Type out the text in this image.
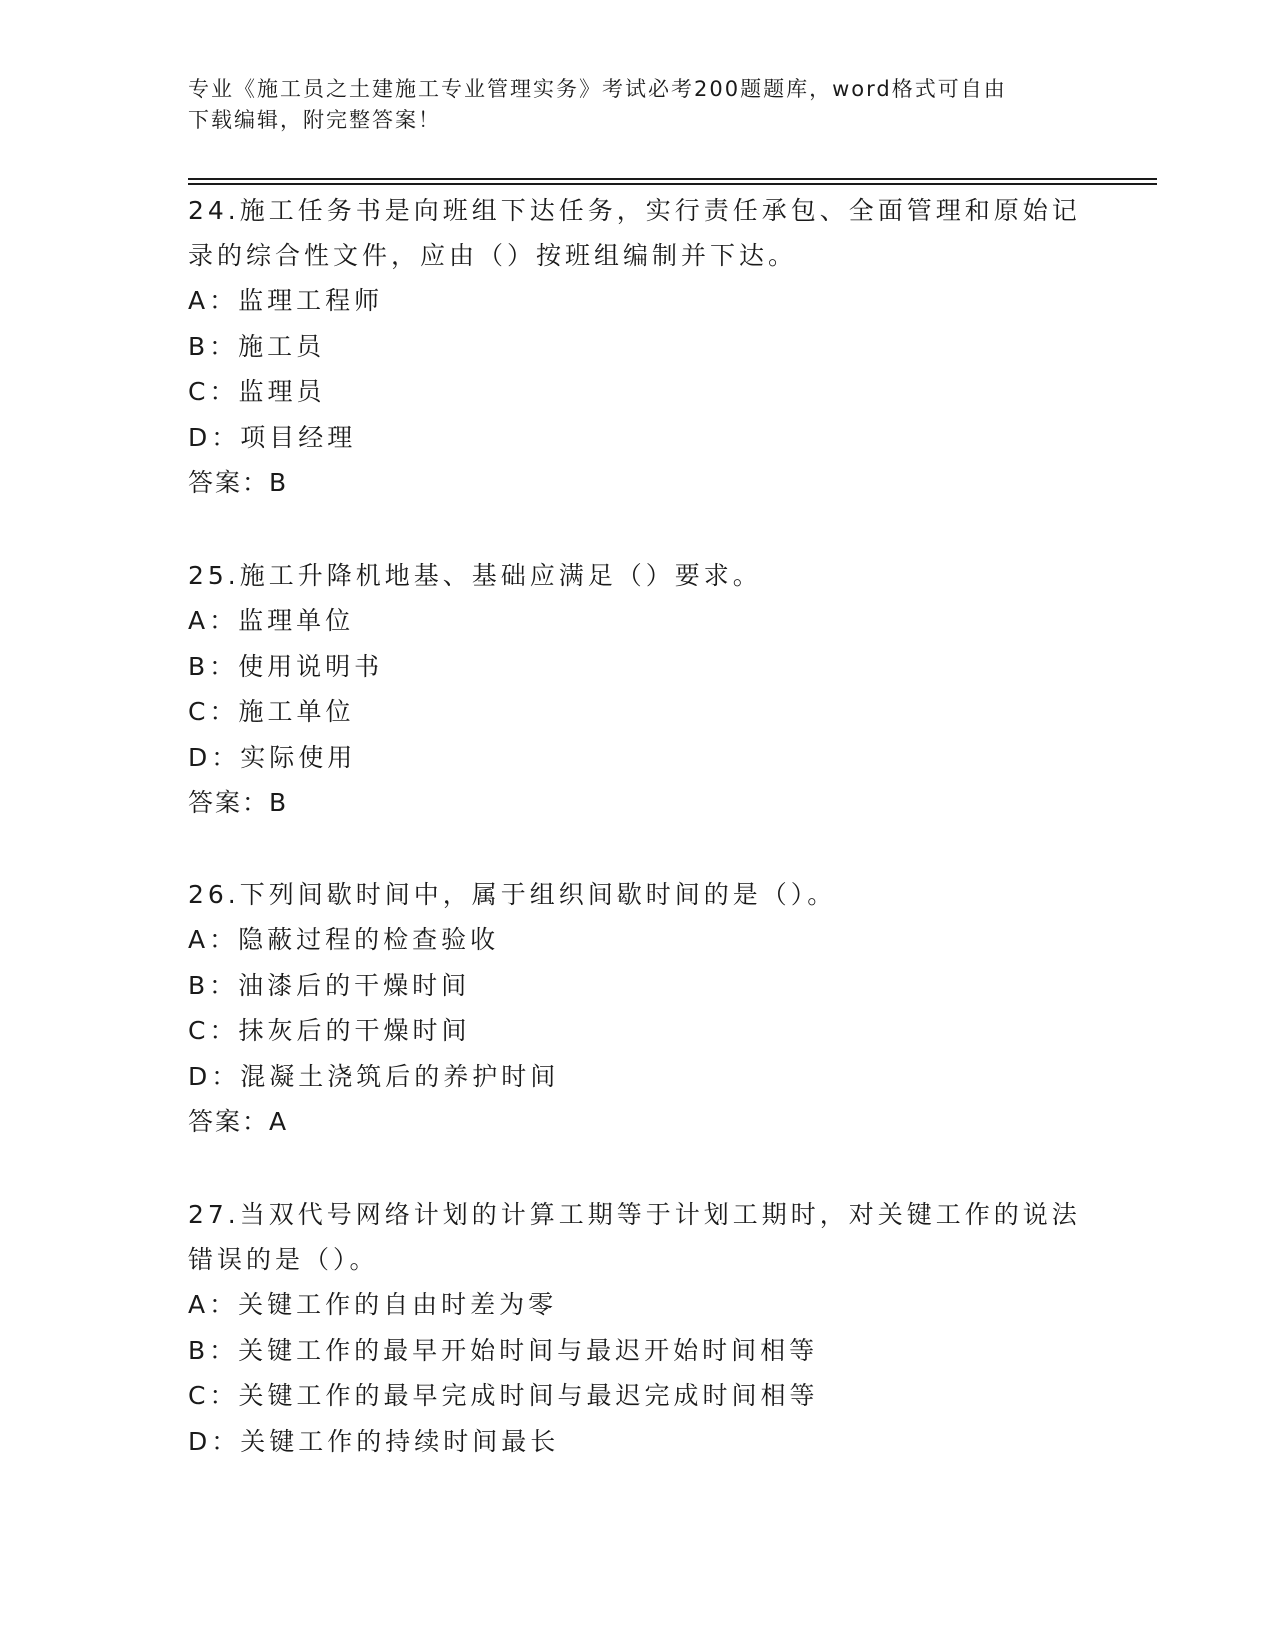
专业《施工员之土建施工专业管理实务》考试必考200题题库，word格式可自由
下载编辑，附完整答案！

24.施工任务书是向班组下达任务，实行责任承包、全面管理和原始记

录的综合性文件，应由（）按班组编制并下达。

A：监理工程师

B：施工员

C：监理员

D：项目经理

答案：B

25.施工升降机地基、基础应满足（）要求。

A：监理单位

B：使用说明书

C：施工单位

D：实际使用

答案：B

26.下列间歇时间中，属于组织间歇时间的是（）。

A：隐蔽过程的检查验收

B：油漆后的干燥时间

C：抹灰后的干燥时间

D：混凝土浇筑后的养护时间

答案：A

27.当双代号网络计划的计算工期等于计划工期时，对关键工作的说法

错误的是（）。

A：关键工作的自由时差为零

B：关键工作的最早开始时间与最迟开始时间相等

C：关键工作的最早完成时间与最迟完成时间相等

D：关键工作的持续时间最长
